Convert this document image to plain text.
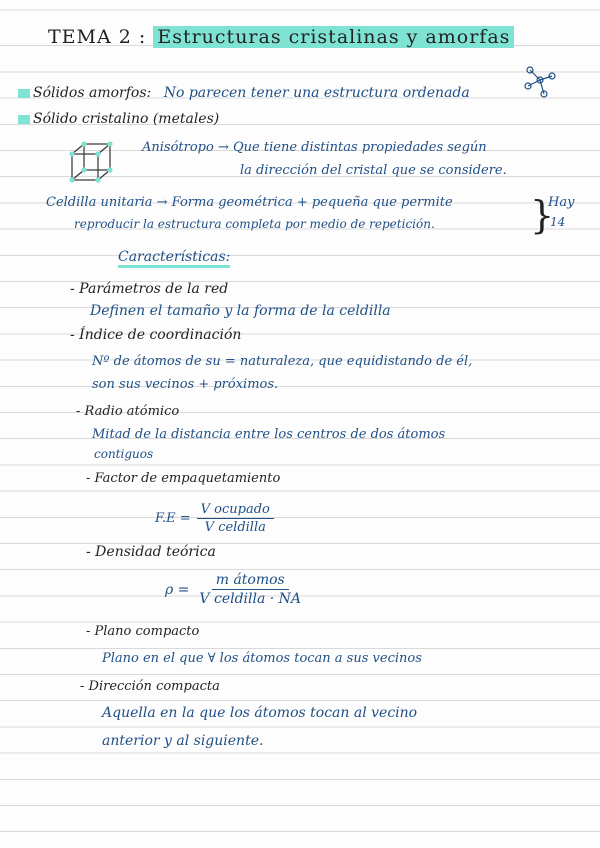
TEMA 2 : Estructuras cristalinas y amorfas
Sólidos amorfos: No parecen tener una estructura ordenada
Sólido cristalino (metales)
Anisótropo → Que tiene distintas propiedades según
la dirección del cristal que se considere.
Celdilla unitaria → Forma geométrica + pequeña que permite
reproducir la estructura completa por medio de repetición.	}
Hay
14
Características:
- Parámetros de la red
Definen el tamaño y la forma de la celdilla
- Índice de coordinación
Nº de átomos de su = naturaleza, que equidistando de él,
son sus vecinos + próximos.
- Radio atómico
Mitad de la distancia entre los centros de dos átomos
contiguos
- Factor de empaquetamiento
$F.E = \frac{\text{V ocupado}}{\text{V celdilla}}$
- Densidad teórica
$\rho = \frac{\text{m átomos}}{\text{V celdilla · NA}}$
- Plano compacto
Plano en el que ∀ los átomos tocan a sus vecinos
- Dirección compacta
Aquella en la que los átomos tocan al vecino
anterior y al siguiente.
